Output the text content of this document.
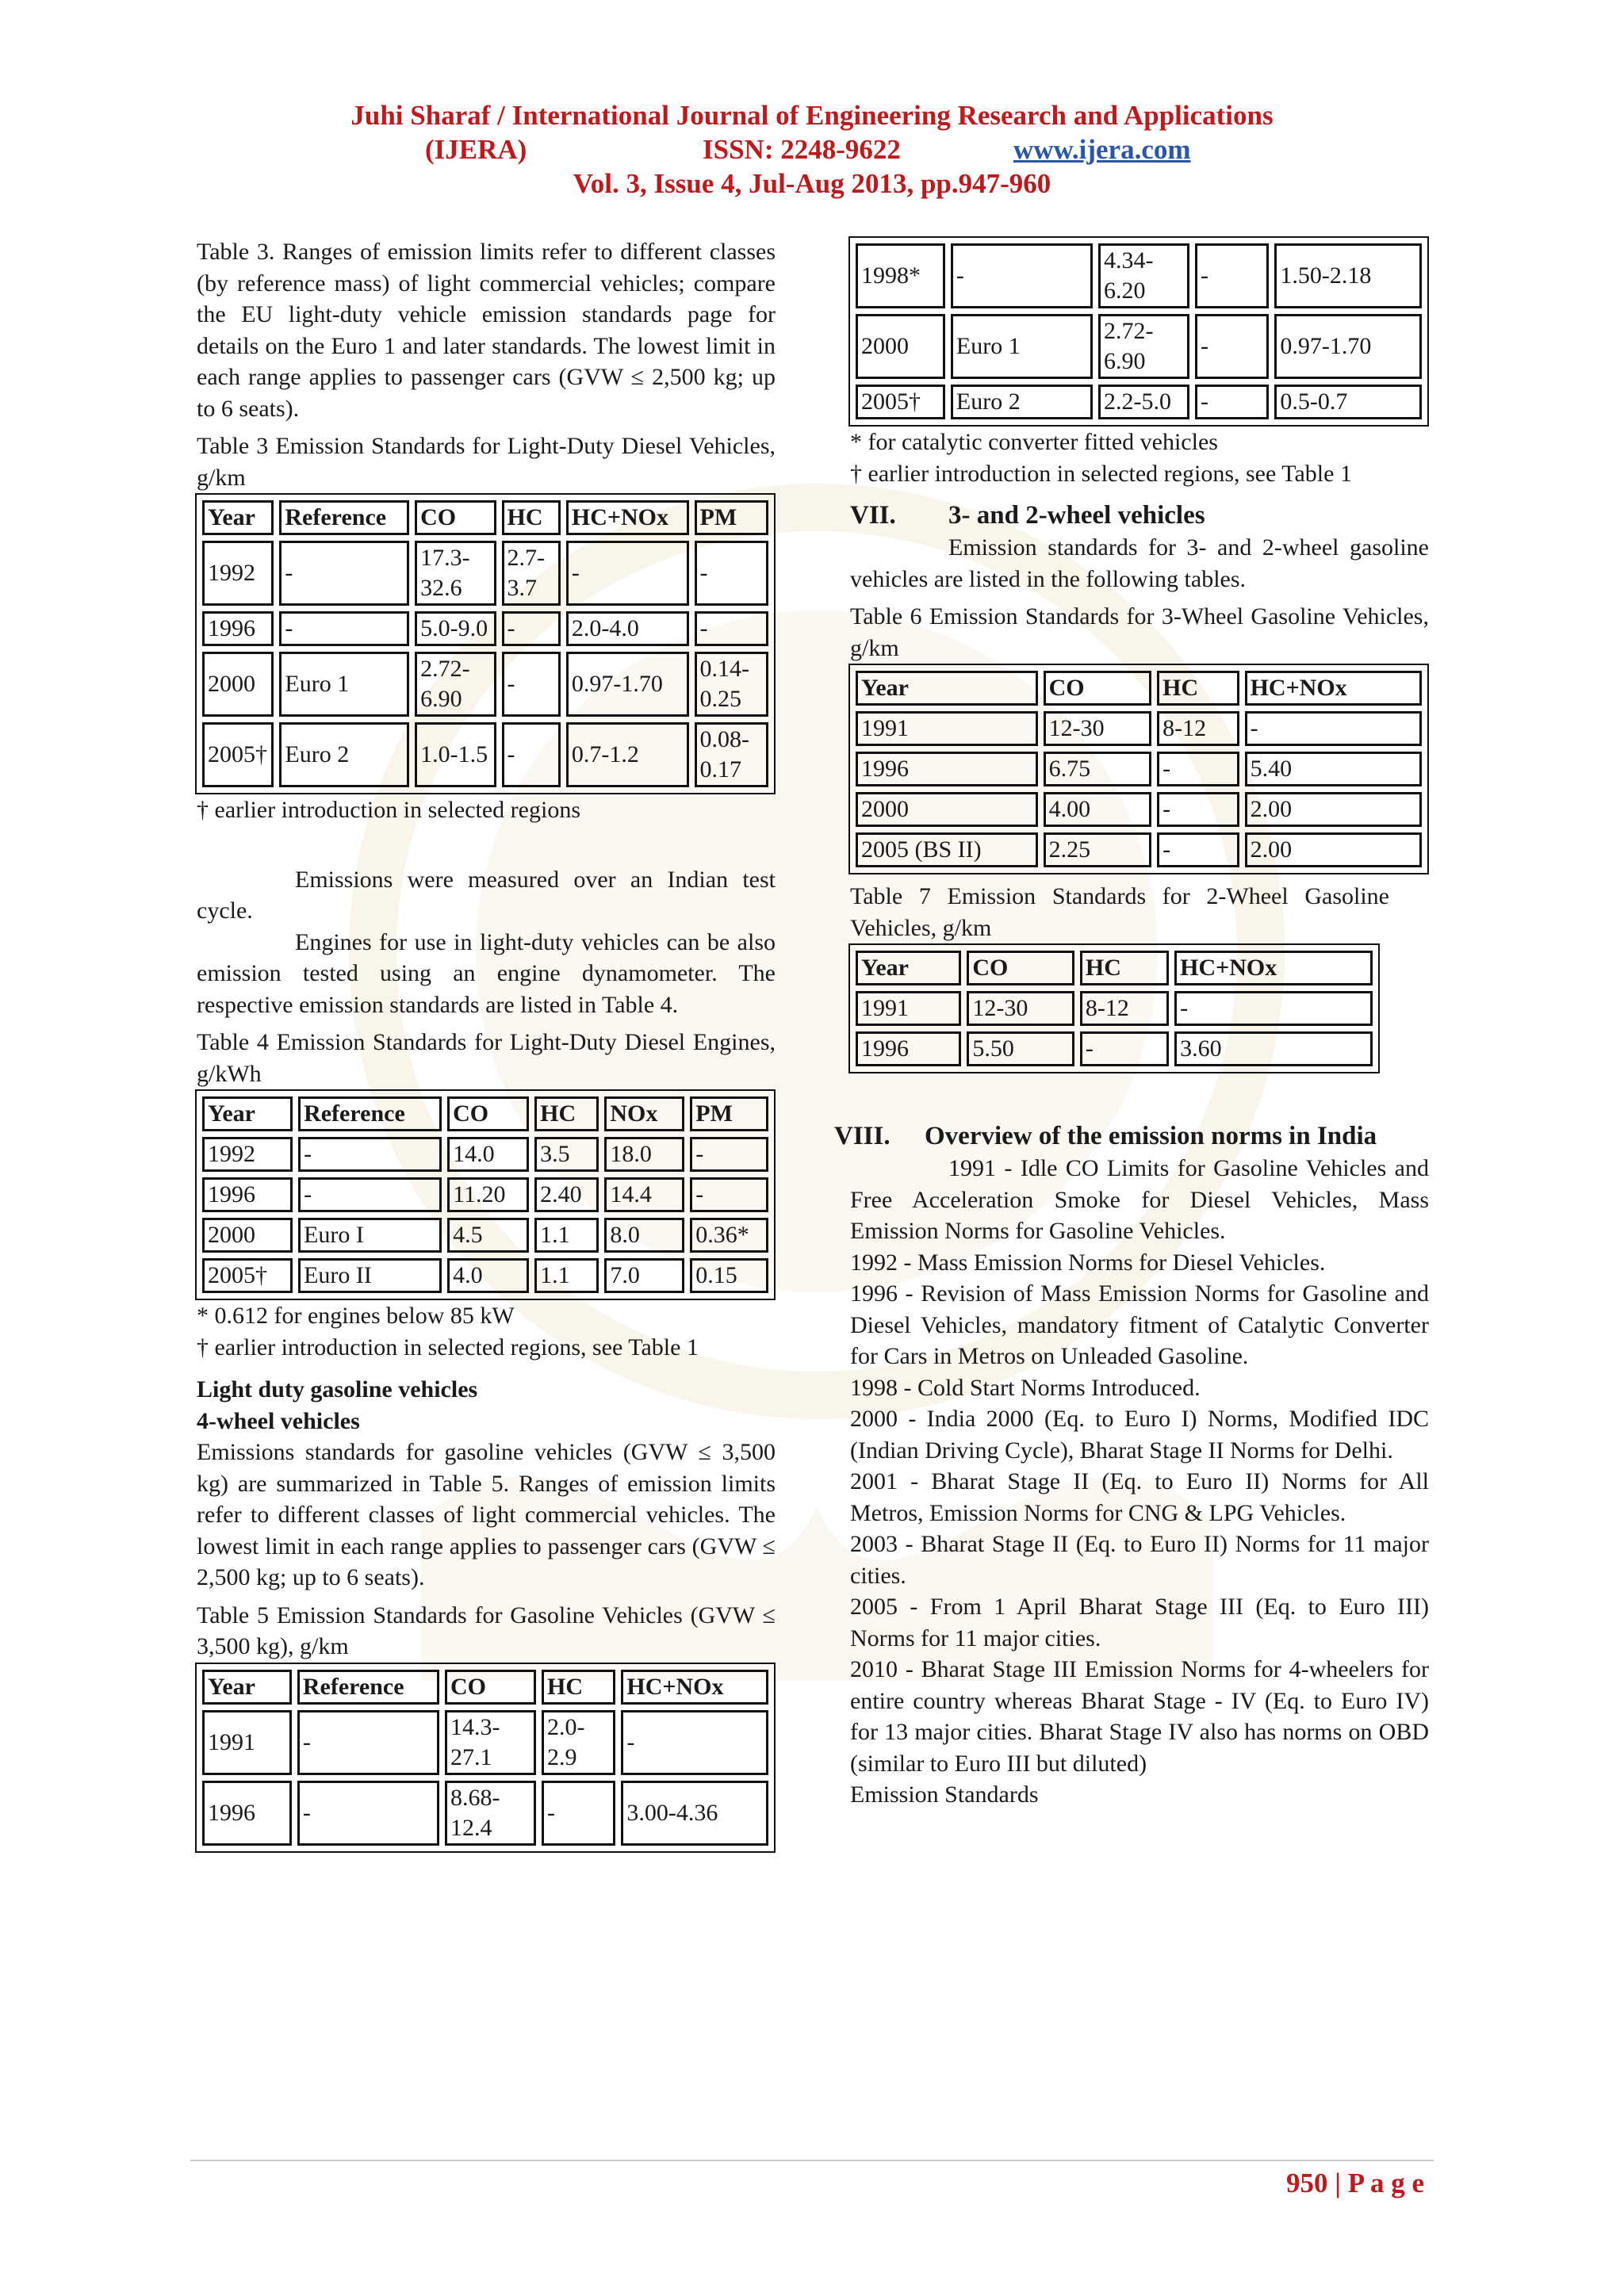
Juhi Sharaf / International Journal of Engineering Research and Applications
(IJERA)	ISSN: 2248-9622	www.ijera.com
Vol. 3, Issue 4, Jul-Aug 2013, pp.947-960

Table 3. Ranges of emission limits refer to different classes (by reference mass) of light commercial vehicles; compare the EU light-duty vehicle emission standards page for details on the Euro 1 and later standards. The lowest limit in each range applies to passenger cars (GVW ≤ 2,500 kg; up to 6 seats).

Table 3 Emission Standards for Light-Duty Diesel Vehicles, g/km

Year	Reference	CO	HC	HC+NOx	PM
1992	-	17.3-32.6	2.7-3.7	-	-
1996	-	5.0-9.0	-	2.0-4.0	-
2000	Euro 1	2.72-6.90	-	0.97-1.70	0.14-0.25
2005†	Euro 2	1.0-1.5	-	0.7-1.2	0.08-0.17

† earlier introduction in selected regions

Emissions were measured over an Indian test cycle.

Engines for use in light-duty vehicles can be also emission tested using an engine dynamometer. The respective emission standards are listed in Table 4.

Table 4 Emission Standards for Light-Duty Diesel Engines, g/kWh

Year	Reference	CO	HC	NOx	PM
1992	-	14.0	3.5	18.0	-
1996	-	11.20	2.40	14.4	-
2000	Euro I	4.5	1.1	8.0	0.36*
2005†	Euro II	4.0	1.1	7.0	0.15

* 0.612 for engines below 85 kW

† earlier introduction in selected regions, see Table 1

Light duty gasoline vehicles

4-wheel vehicles

Emissions standards for gasoline vehicles (GVW ≤ 3,500 kg) are summarized in Table 5. Ranges of emission limits refer to different classes of light commercial vehicles. The lowest limit in each range applies to passenger cars (GVW ≤ 2,500 kg; up to 6 seats).

Table 5 Emission Standards for Gasoline Vehicles (GVW ≤ 3,500 kg), g/km

Year	Reference	CO	HC	HC+NOx
1991	-	14.3-27.1	2.0-2.9	-
1996	-	8.68-12.4	-	3.00-4.36
1998*	-	4.34-6.20	-	1.50-2.18
2000	Euro 1	2.72-6.90	-	0.97-1.70
2005†	Euro 2	2.2-5.0	-	0.5-0.7

* for catalytic converter fitted vehicles

† earlier introduction in selected regions, see Table 1

VII. 3- and 2-wheel vehicles

Emission standards for 3- and 2-wheel gasoline vehicles are listed in the following tables.

Table 6 Emission Standards for 3-Wheel Gasoline Vehicles, g/km

Year	CO	HC	HC+NOx
1991	12-30	8-12	-
1996	6.75	-	5.40
2000	4.00	-	2.00
2005 (BS II)	2.25	-	2.00

Table 7 Emission Standards for 2-Wheel Gasoline Vehicles, g/km

Year	CO	HC	HC+NOx
1991	12-30	8-12	-
1996	5.50	-	3.60
VIII.	Overview of the emission norms in India

1991 - Idle CO Limits for Gasoline Vehicles and Free Acceleration Smoke for Diesel Vehicles, Mass Emission Norms for Gasoline Vehicles.

1992 - Mass Emission Norms for Diesel Vehicles.

1996 - Revision of Mass Emission Norms for Gasoline and Diesel Vehicles, mandatory fitment of Catalytic Converter for Cars in Metros on Unleaded Gasoline.

1998 - Cold Start Norms Introduced.

2000 - India 2000 (Eq. to Euro I) Norms, Modified IDC (Indian Driving Cycle), Bharat Stage II Norms for Delhi.

2001 - Bharat Stage II (Eq. to Euro II) Norms for All Metros, Emission Norms for CNG & LPG Vehicles.

2003 - Bharat Stage II (Eq. to Euro II) Norms for 11 major cities.

2005 - From 1 April Bharat Stage III (Eq. to Euro III) Norms for 11 major cities.

2010 - Bharat Stage III Emission Norms for 4-wheelers for entire country whereas Bharat Stage - IV (Eq. to Euro IV) for 13 major cities. Bharat Stage IV also has norms on OBD (similar to Euro III but diluted)

Emission Standards

950 | P a g e
